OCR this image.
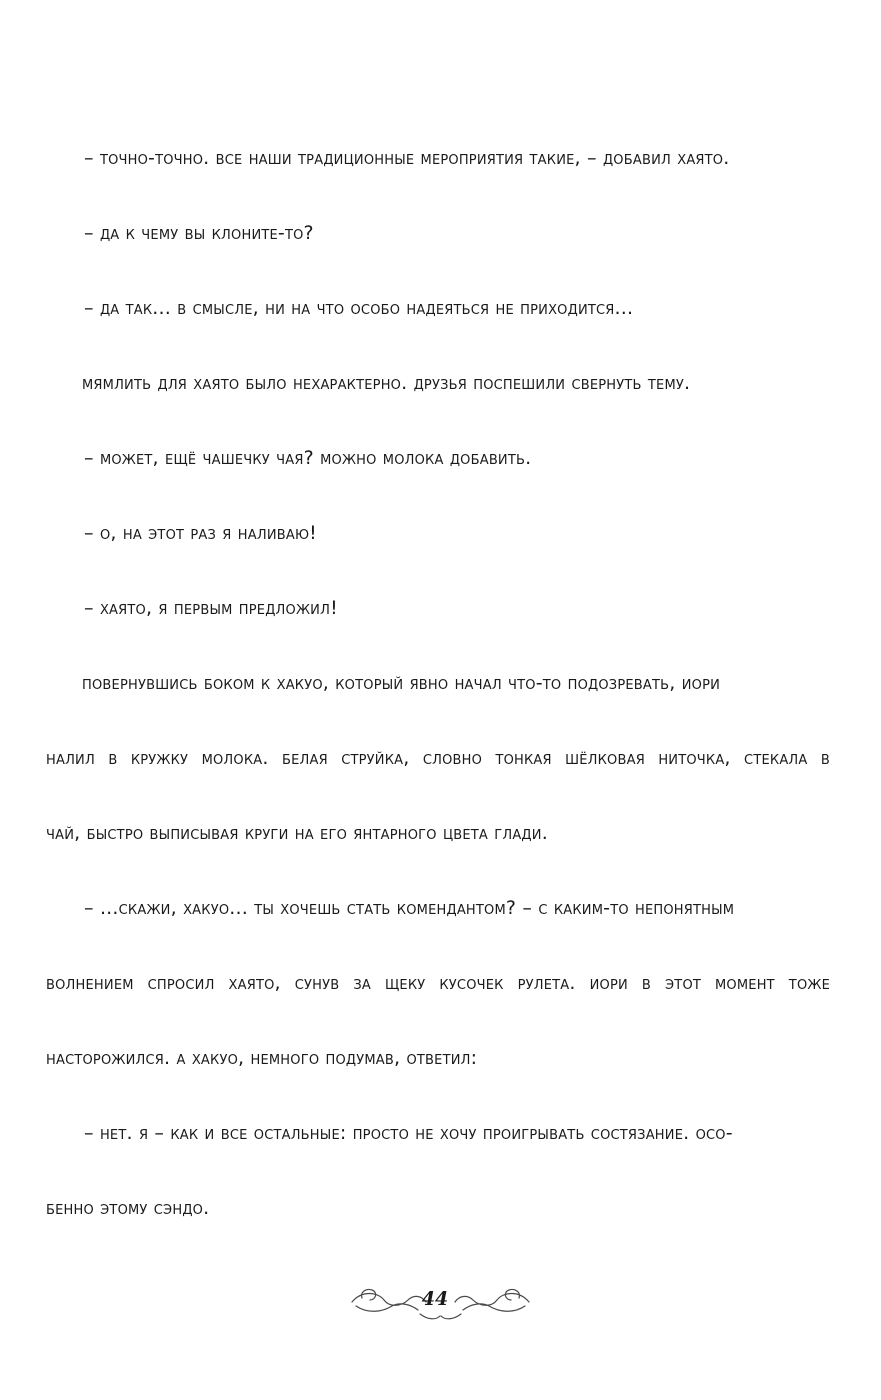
– точно-точно. все наши традиционные мероприятия такие, – добавил хаято.
– да к чему вы клоните-то?
– да так... в смысле, ни на что особо надеяться не приходится...
мямлить для хаято было нехарактерно. друзья поспешили свернуть тему.
– может, ещё чашечку чая? можно молока добавить.
– о, на этот раз я наливаю!
– хаято, я первым предложил!
повернувшись боком к хакуо, который явно начал что-то подозревать, иори
налил в кружку молока. белая струйка, словно тонкая шёлковая ниточка, стекала в
чай, быстро выписывая круги на его янтарного цвета глади.
– ...скажи, хакуо... ты хочешь стать комендантом? – с каким-то непонятным
волнением спросил хаято, сунув за щеку кусочек рулета. иори в этот момент тоже
насторожился. а хакуо, немного подумав, ответил:
– нет. я – как и все остальные: просто не хочу проигрывать состязание. осо-
бенно этому сэндо.
44
